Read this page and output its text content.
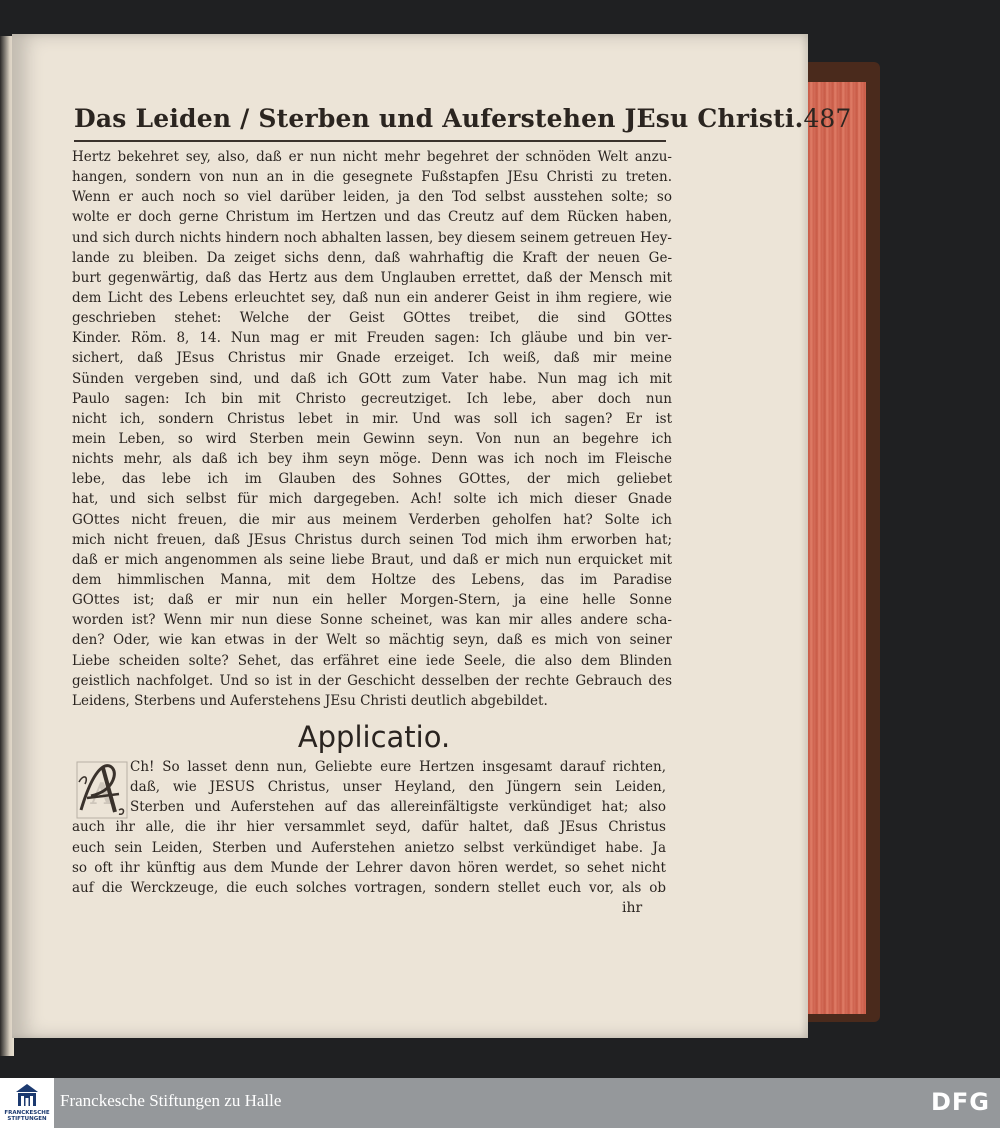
Das Leiden / Sterben und Auferstehen JEsu Christi. 487
Hertz bekehret sey, also, daß er nun nicht mehr begehret der schnöden Welt anzu-
hangen, sondern von nun an in die gesegnete Fußstapfen JEsu Christi zu treten.
Wenn er auch noch so viel darüber leiden, ja den Tod selbst ausstehen solte; so
wolte er doch gerne Christum im Hertzen und das Creutz auf dem Rücken haben,
und sich durch nichts hindern noch abhalten lassen, bey diesem seinem getreuen Hey-
lande zu bleiben. Da zeiget sichs denn, daß wahrhaftig die Kraft der neuen Ge-
burt gegenwärtig, daß das Hertz aus dem Unglauben errettet, daß der Mensch mit
dem Licht des Lebens erleuchtet sey, daß nun ein anderer Geist in ihm regiere, wie
geschrieben stehet: Welche der Geist GOttes treibet, die sind GOttes
Kinder. Röm. 8, 14. Nun mag er mit Freuden sagen: Ich gläube und bin ver-
sichert, daß JEsus Christus mir Gnade erzeiget. Ich weiß, daß mir meine
Sünden vergeben sind, und daß ich GOtt zum Vater habe. Nun mag ich mit
Paulo sagen: Ich bin mit Christo gecreutziget. Ich lebe, aber doch nun
nicht ich, sondern Christus lebet in mir. Und was soll ich sagen? Er ist
mein Leben, so wird Sterben mein Gewinn seyn. Von nun an begehre ich
nichts mehr, als daß ich bey ihm seyn möge. Denn was ich noch im Fleische
lebe, das lebe ich im Glauben des Sohnes GOttes, der mich geliebet
hat, und sich selbst für mich dargegeben. Ach! solte ich mich dieser Gnade
GOttes nicht freuen, die mir aus meinem Verderben geholfen hat? Solte ich
mich nicht freuen, daß JEsus Christus durch seinen Tod mich ihm erworben hat;
daß er mich angenommen als seine liebe Braut, und daß er mich nun erquicket mit
dem himmlischen Manna, mit dem Holtze des Lebens, das im Paradise
GOttes ist; daß er mir nun ein heller Morgen-Stern, ja eine helle Sonne
worden ist? Wenn mir nun diese Sonne scheinet, was kan mir alles andere scha-
den? Oder, wie kan etwas in der Welt so mächtig seyn, daß es mich von seiner
Liebe scheiden solte? Sehet, das erfähret eine iede Seele, die also dem Blinden
geistlich nachfolget. Und so ist in der Geschicht desselben der rechte Gebrauch des
Leidens, Sterbens und Auferstehens JEsu Christi deutlich abgebildet.
Applicatio.
A
Ch! So lasset denn nun, Geliebte eure Hertzen insgesamt darauf richten,
daß, wie JESUS Christus, unser Heyland, den Jüngern sein Leiden,
Sterben und Auferstehen auf das allereinfältigste verkündiget hat; also
auch ihr alle, die ihr hier versammlet seyd, dafür haltet, daß JEsus Christus
euch sein Leiden, Sterben und Auferstehen anietzo selbst verkündiget habe. Ja
so oft ihr künftig aus dem Munde der Lehrer davon hören werdet, so sehet nicht
auf die Werckzeuge, die euch solches vortragen, sondern stellet euch vor, als ob
ihr
FRANCKESCHE STIFTUNGEN
Franckesche Stiftungen zu Halle	DFG
